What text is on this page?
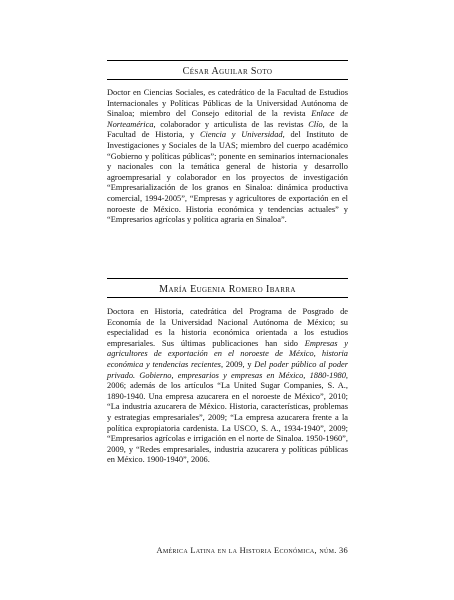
César Aguilar Soto

Doctor en Ciencias Sociales, es catedrático de la Facultad de Estudios Internacionales y Políticas Públicas de la Universidad Autónoma de Sinaloa; miembro del Consejo editorial de la revista Enlace de Norteamérica, colaborador y articulista de las revistas Clío, de la Facultad de Historia, y Ciencia y Universidad, del Instituto de Investigaciones y Sociales de la UAS; miembro del cuerpo académico “Gobierno y políticas públicas”; ponente en seminarios internacionales y nacionales con la temática general de historia y desarrollo agroempresarial y colaborador en los proyectos de investigación “Empresarialización de los granos en Sinaloa: dinámica productiva comercial, 1994-2005”, “Empresas y agricultores de exportación en el noroeste de México. Historia económica y tendencias actuales” y “Empresarios agrícolas y política agraria en Sinaloa”.

María Eugenia Romero Ibarra

Doctora en Historia, catedrática del Programa de Posgrado de Economía de la Universidad Nacional Autónoma de México; su especialidad es la historia económica orientada a los estudios empresariales. Sus últimas publicaciones han sido Empresas y agricultores de exportación en el noroeste de México, historia económica y tendencias recientes, 2009, y Del poder público al poder privado. Gobierno, empresarios y empresas en México, 1880-1980, 2006; además de los artículos “La United Sugar Companies, S. A., 1890-1940. Una empresa azucarera en el noroeste de México”, 2010; “La industria azucarera de México. Historia, características, problemas y estrategias empresariales”, 2009; “La empresa azucarera frente a la política expropiatoria cardenista. La USCO, S. A., 1934-1940”, 2009; “Empresarios agrícolas e irrigación en el norte de Sinaloa. 1950-1960”, 2009, y “Redes empresariales, industria azucarera y políticas públicas en México. 1900-1940”, 2006.

América Latina en la Historia Económica, núm. 36
